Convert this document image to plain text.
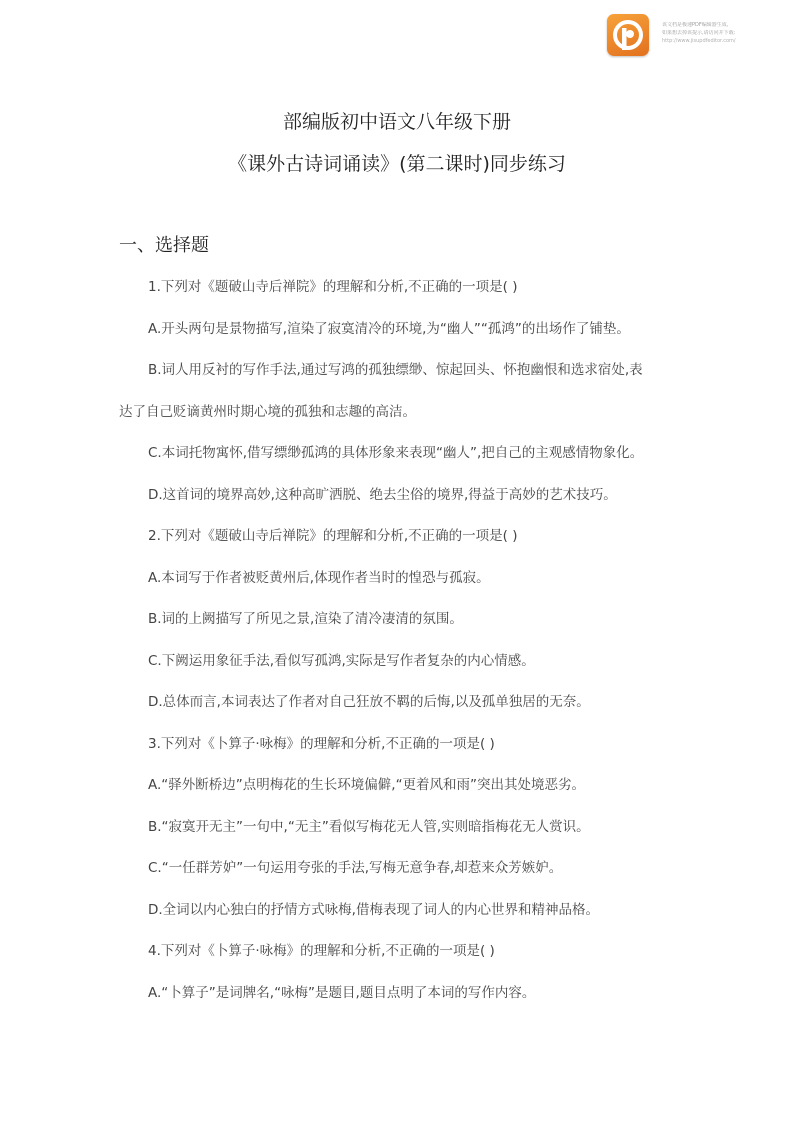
该文档是极速PDF编辑器生成,
如果想去掉该提示,请访问并下载:
http://www.jisupdfeditor.com/
部编版初中语文八年级下册
《课外古诗词诵读》(第二课时)同步练习
一、选择题
1.下列对《题破山寺后禅院》的理解和分析,不正确的一项是( )
A.开头两句是景物描写,渲染了寂寞清冷的环境,为“幽人”“孤鸿”的出场作了铺垫。
B.词人用反衬的写作手法,通过写鸿的孤独缥缈、惊起回头、怀抱幽恨和选求宿处,表
达了自己贬谪黄州时期心境的孤独和志趣的高洁。
C.本词托物寓怀,借写缥缈孤鸿的具体形象来表现“幽人”,把自己的主观感情物象化。
D.这首词的境界高妙,这种高旷洒脱、绝去尘俗的境界,得益于高妙的艺术技巧。
2.下列对《题破山寺后禅院》的理解和分析,不正确的一项是( )
A.本词写于作者被贬黄州后,体现作者当时的惶恐与孤寂。
B.词的上阙描写了所见之景,渲染了清冷凄清的氛围。
C.下阙运用象征手法,看似写孤鸿,实际是写作者复杂的内心情感。
D.总体而言,本词表达了作者对自己狂放不羁的后悔,以及孤单独居的无奈。
3.下列对《卜算子·咏梅》的理解和分析,不正确的一项是( )
A.“驿外断桥边”点明梅花的生长环境偏僻,“更着风和雨”突出其处境恶劣。
B.“寂寞开无主”一句中,“无主”看似写梅花无人管,实则暗指梅花无人赏识。
C.“一任群芳妒”一句运用夸张的手法,写梅无意争春,却惹来众芳嫉妒。
D.全词以内心独白的抒情方式咏梅,借梅表现了词人的内心世界和精神品格。
4.下列对《卜算子·咏梅》的理解和分析,不正确的一项是( )
A.“卜算子”是词牌名,“咏梅”是题目,题目点明了本词的写作内容。
